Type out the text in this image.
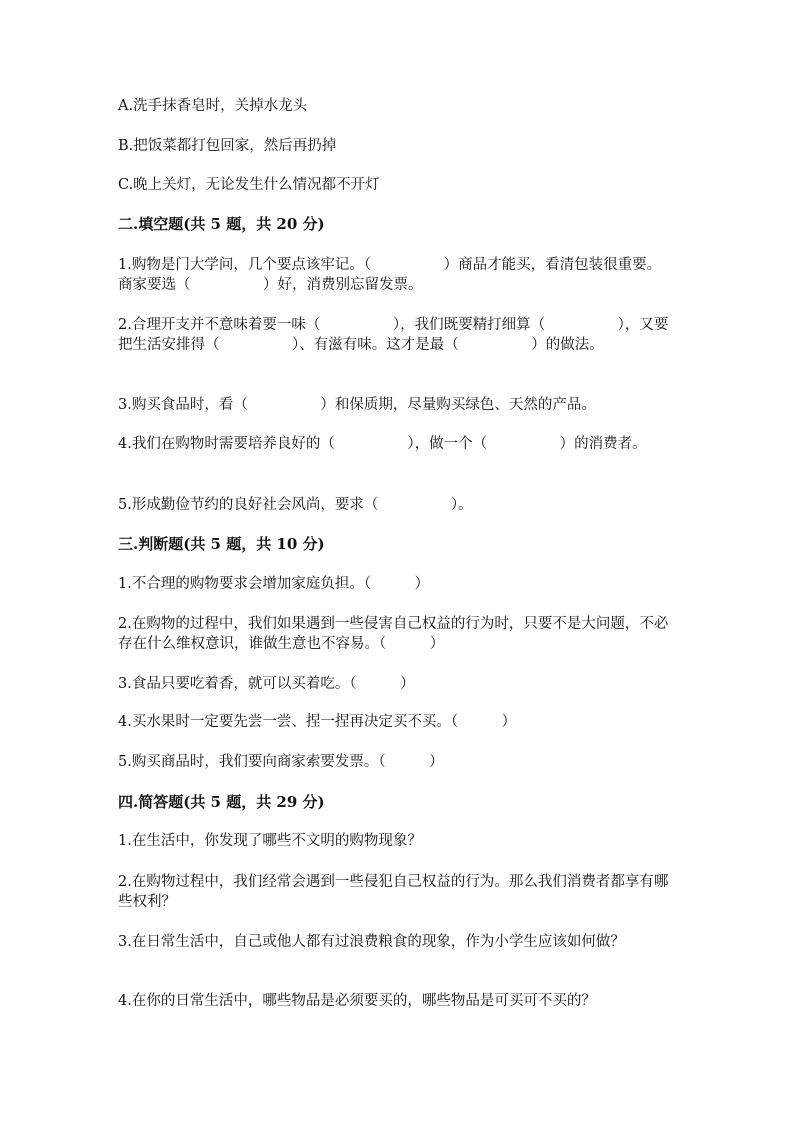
A.洗手抹香皂时，关掉水龙头
B.把饭菜都打包回家，然后再扔掉
C.晚上关灯，无论发生什么情况都不开灯
二.填空题(共 5 题，共 20 分)
1.购物是门大学问，几个要点该牢记。（　　　　　）商品才能买，看清包装很重要。商家要选（　　　　　）好，消费别忘留发票。
2.合理开支并不意味着要一味（　　　　　），我们既要精打细算（　　　　　），又要把生活安排得（　　　　　）、有滋有味。这才是最（　　　　　）的做法。
3.购买食品时，看（　　　　　）和保质期，尽量购买绿色、天然的产品。
4.我们在购物时需要培养良好的（　　　　　），做一个（　　　　　）的消费者。
5.形成勤俭节约的良好社会风尚，要求（　　　　　）。
三.判断题(共 5 题，共 10 分)
1.不合理的购物要求会增加家庭负担。（　　　）
2.在购物的过程中，我们如果遇到一些侵害自己权益的行为时，只要不是大问题，不必存在什么维权意识，谁做生意也不容易。（　　　）
3.食品只要吃着香，就可以买着吃。（　　　）
4.买水果时一定要先尝一尝、捏一捏再决定买不买。（　　　）
5.购买商品时，我们要向商家索要发票。（　　　）
四.简答题(共 5 题，共 29 分)
1.在生活中，你发现了哪些不文明的购物现象？
2.在购物过程中，我们经常会遇到一些侵犯自己权益的行为。那么我们消费者都享有哪些权利？
3.在日常生活中，自己或他人都有过浪费粮食的现象，作为小学生应该如何做？
4.在你的日常生活中，哪些物品是必须要买的，哪些物品是可买可不买的？
